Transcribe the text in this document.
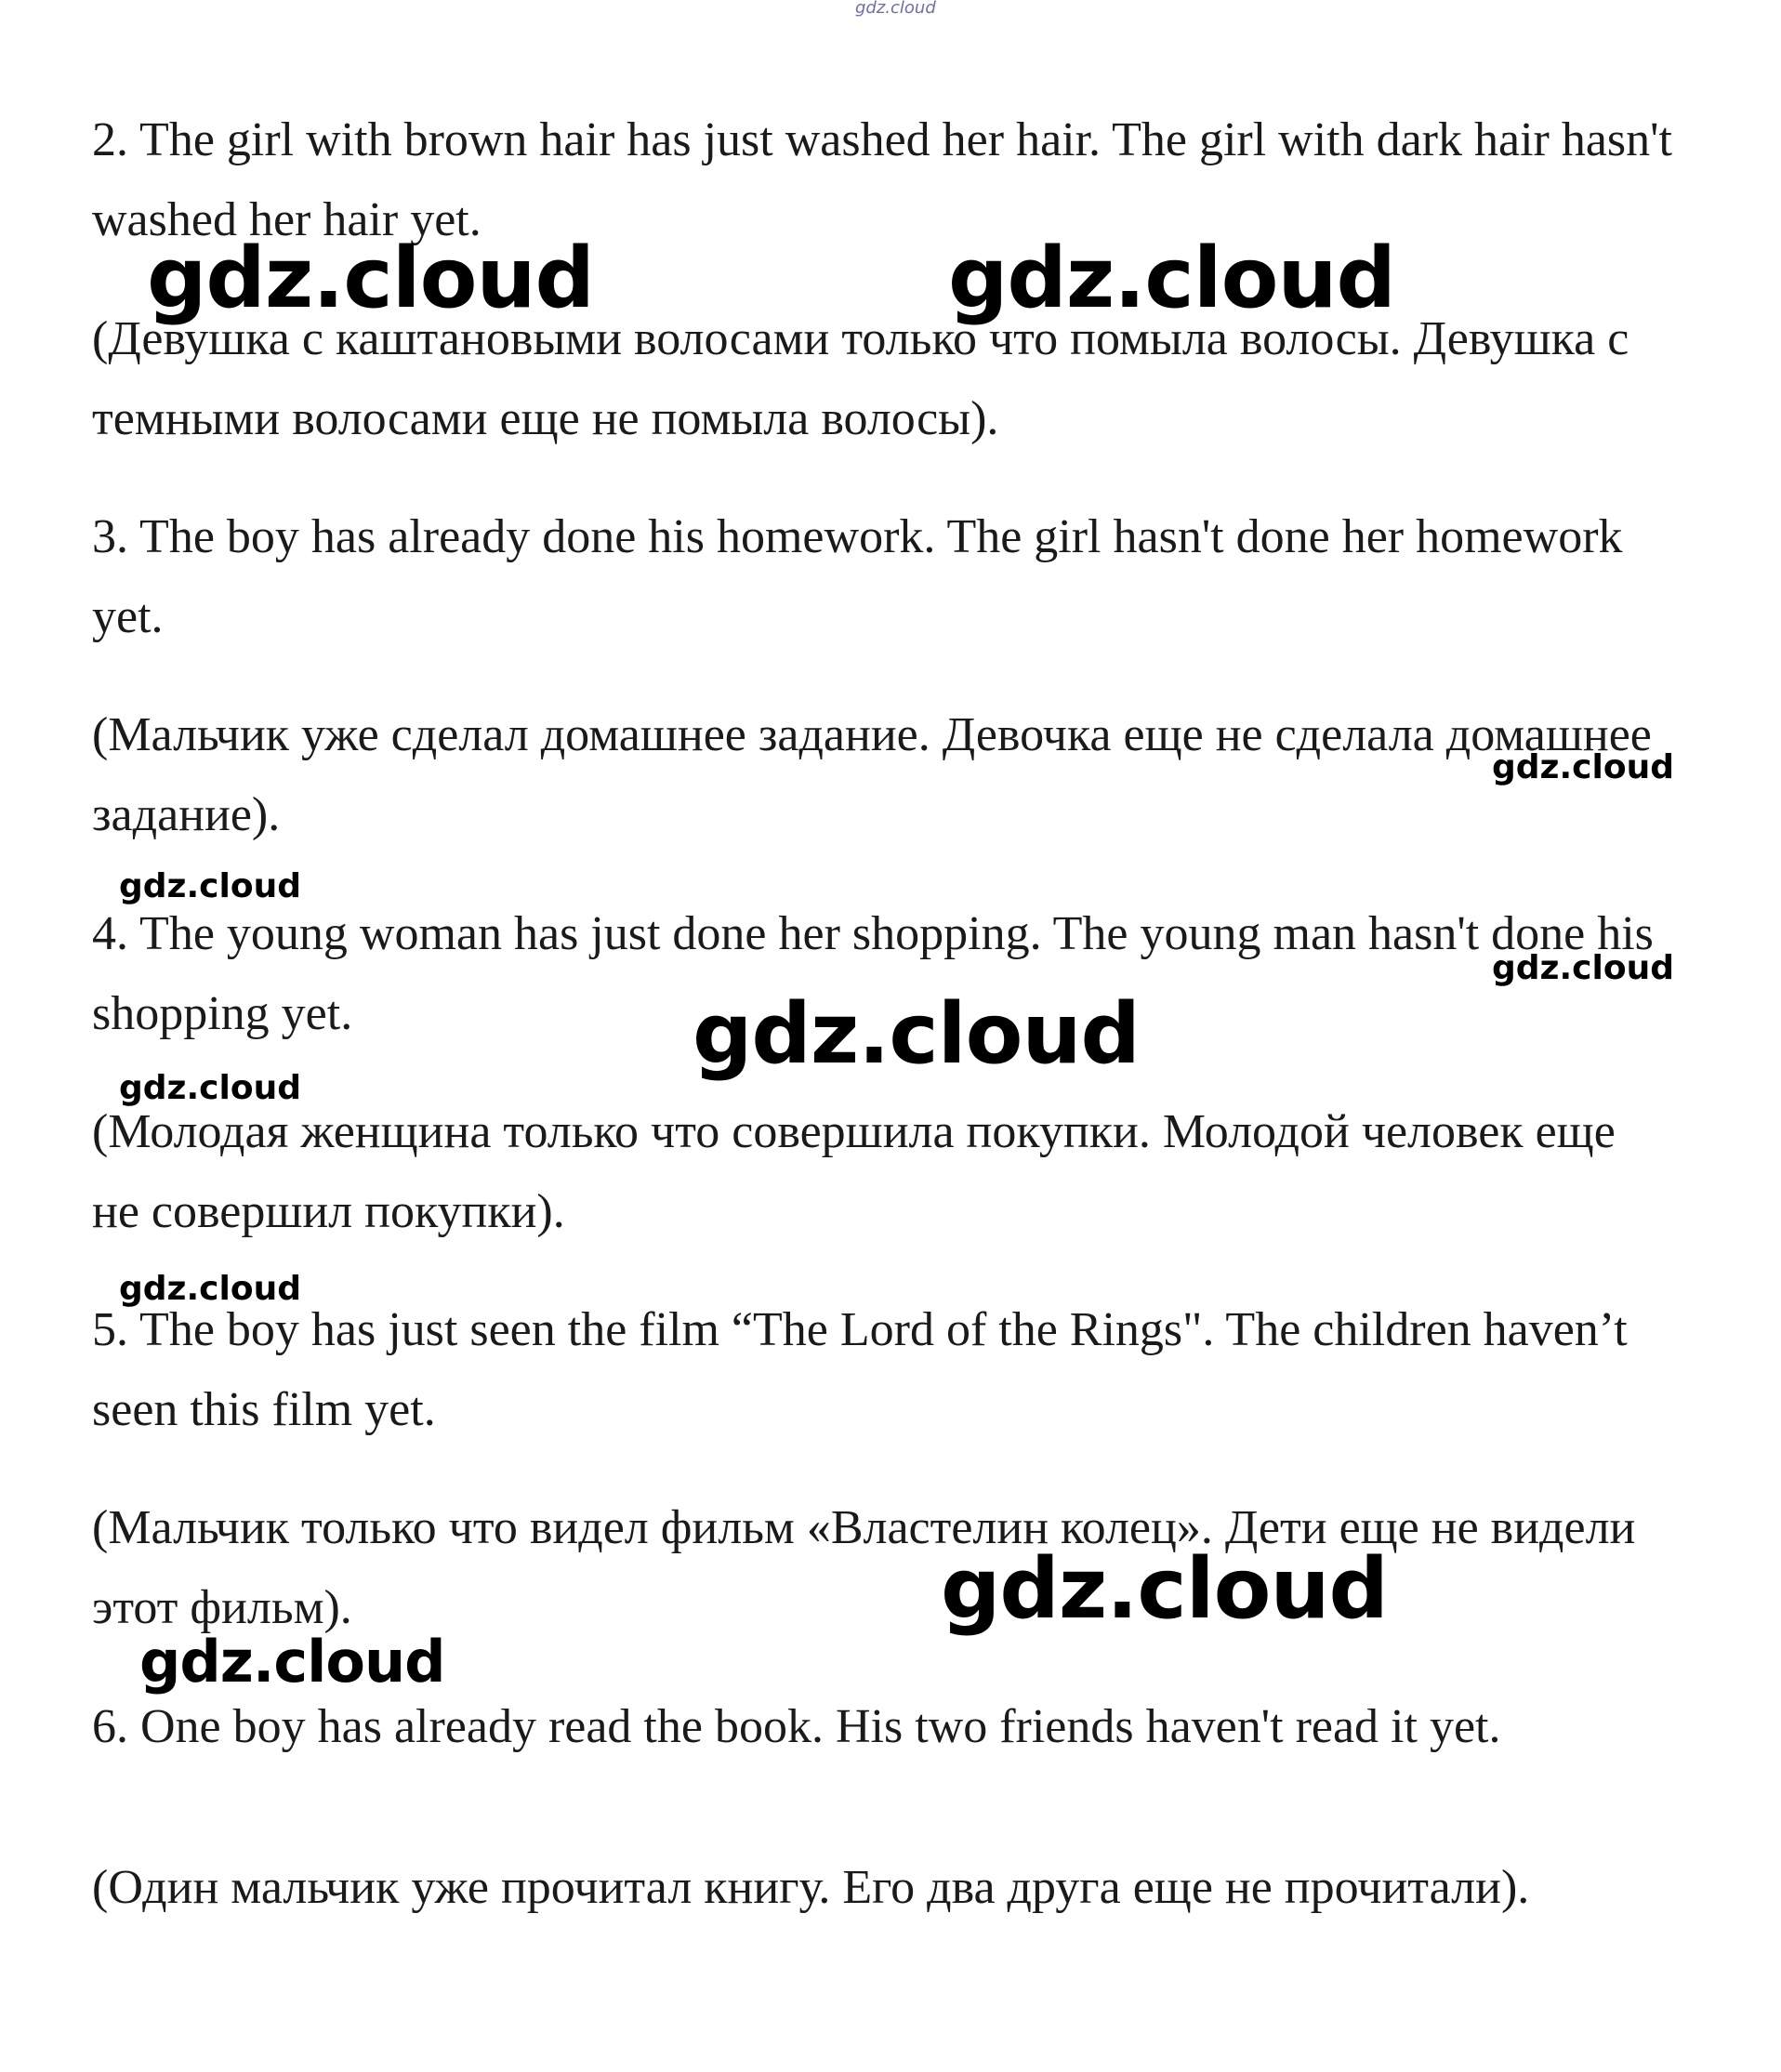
gdz.cloud

2. The girl with brown hair has just washed her hair. The girl with dark hair hasn't washed her hair yet.

(Девушка с каштановыми волосами только что помыла волосы. Девушка с темными волосами еще не помыла волосы).

3. The boy has already done his homework. The girl hasn't done her homework yet.

(Мальчик уже сделал домашнее задание. Девочка еще не сделала домашнее задание).

4. The young woman has just done her shopping. The young man hasn't done his shopping yet.

(Молодая женщина только что совершила покупки. Молодой человек еще не совершил покупки).

5. The boy has just seen the film “The Lord of the Rings". The children haven’t seen this film yet.

(Мальчик только что видел фильм «Властелин колец». Дети еще не видели этот фильм).

6. One boy has already read the book. His two friends haven't read it yet.

(Один мальчик уже прочитал книгу. Его два друга еще не прочитали).

gdz.cloud	gdz.cloud
gdz.cloud
gdz.cloud
gdz.cloud
gdz.cloud
gdz.cloud
gdz.cloud
gdz.cloud
gdz.cloud
